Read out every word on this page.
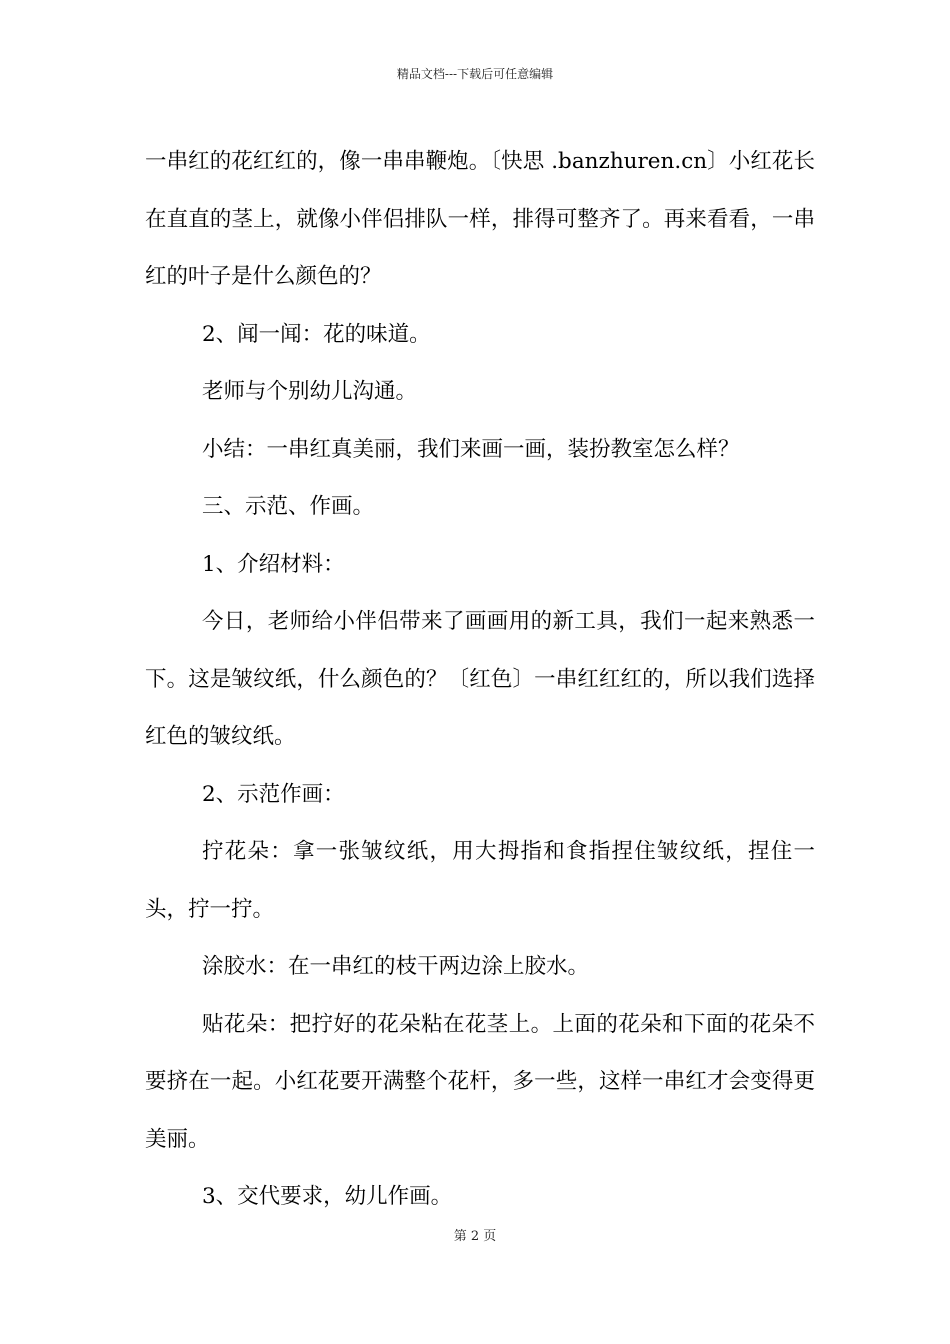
精品文档---下载后可任意编辑

一串红的花红红的，像一串串鞭炮。〔快思 .banzhuren.cn〕小红花长在直直的茎上，就像小伴侣排队一样，排得可整齐了。再来看看，一串红的叶子是什么颜色的？

2、闻一闻：花的味道。

老师与个别幼儿沟通。

小结：一串红真美丽，我们来画一画，装扮教室怎么样？

三、示范、作画。

1、介绍材料：

今日，老师给小伴侣带来了画画用的新工具，我们一起来熟悉一下。这是皱纹纸，什么颜色的？〔红色〕一串红红红的，所以我们选择红色的皱纹纸。

2、示范作画：

拧花朵：拿一张皱纹纸，用大拇指和食指捏住皱纹纸，捏住一头，拧一拧。

涂胶水：在一串红的枝干两边涂上胶水。

贴花朵：把拧好的花朵粘在花茎上。上面的花朵和下面的花朵不要挤在一起。小红花要开满整个花杆，多一些，这样一串红才会变得更美丽。

3、交代要求，幼儿作画。

第 2 页
